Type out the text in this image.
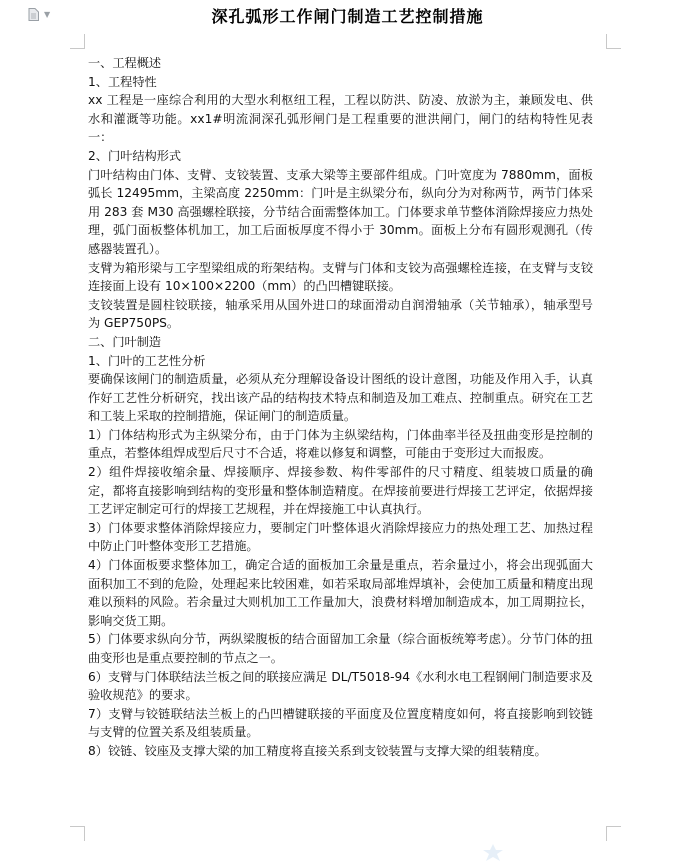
▼	深孔弧形工作闸门制造工艺控制措施

一、工程概述

1、工程特性

xx 工程是一座综合利用的大型水利枢纽工程，工程以防洪、防凌、放淤为主，兼顾发电、供水和灌溉等功能。xx1#明流洞深孔弧形闸门是工程重要的泄洪闸门，闸门的结构特性见表一：

2、门叶结构形式

门叶结构由门体、支臂、支铰装置、支承大梁等主要部件组成。门叶宽度为 7880mm，面板弧长 12495mm，主梁高度 2250mm：门叶是主纵梁分布，纵向分为对称两节，两节门体采用 283 套 M30 高强螺栓联接，分节结合面需整体加工。门体要求单节整体消除焊接应力热处理，弧门面板整体机加工，加工后面板厚度不得小于 30mm。面板上分布有圆形观测孔（传感器装置孔）。

支臂为箱形梁与工字型梁组成的珩架结构。支臂与门体和支铰为高强螺栓连接，在支臂与支铰连接面上设有 10×100×2200（mm）的凸凹槽键联接。

支铰装置是圆柱铰联接，轴承采用从国外进口的球面滑动自润滑轴承（关节轴承），轴承型号为 GEP750PS。

二、门叶制造

1、门叶的工艺性分析

要确保该闸门的制造质量，必须从充分理解设备设计图纸的设计意图，功能及作用入手，认真作好工艺性分析研究，找出该产品的结构技术特点和制造及加工难点、控制重点。研究在工艺和工装上采取的控制措施，保证闸门的制造质量。

1）门体结构形式为主纵梁分布，由于门体为主纵梁结构，门体曲率半径及扭曲变形是控制的重点，若整体组焊成型后尺寸不合适，将难以修复和调整，可能由于变形过大而报废。

2）组件焊接收缩余量、焊接顺序、焊接参数、构件零部件的尺寸精度、组装坡口质量的确定，都将直接影响到结构的变形量和整体制造精度。在焊接前要进行焊接工艺评定，依据焊接工艺评定制定可行的焊接工艺规程，并在焊接施工中认真执行。

3）门体要求整体消除焊接应力，要制定门叶整体退火消除焊接应力的热处理工艺、加热过程中防止门叶整体变形工艺措施。

4）门体面板要求整体加工，确定合适的面板加工余量是重点，若余量过小，将会出现弧面大面积加工不到的危险，处理起来比较困难，如若采取局部堆焊填补，会使加工质量和精度出现难以预料的风险。若余量过大则机加工工作量加大，浪费材料增加制造成本，加工周期拉长，影响交货工期。

5）门体要求纵向分节，两纵梁腹板的结合面留加工余量（综合面板统筹考虑）。分节门体的扭曲变形也是重点要控制的节点之一。

6）支臂与门体联结法兰板之间的联接应满足 DL/T5018-94《水利水电工程钢闸门制造要求及验收规范》的要求。

7）支臂与铰链联结法兰板上的凸凹槽键联接的平面度及位置度精度如何，将直接影响到铰链与支臂的位置关系及组装质量。

8）铰链、铰座及支撑大梁的加工精度将直接关系到支铰装置与支撑大梁的组装精度。
